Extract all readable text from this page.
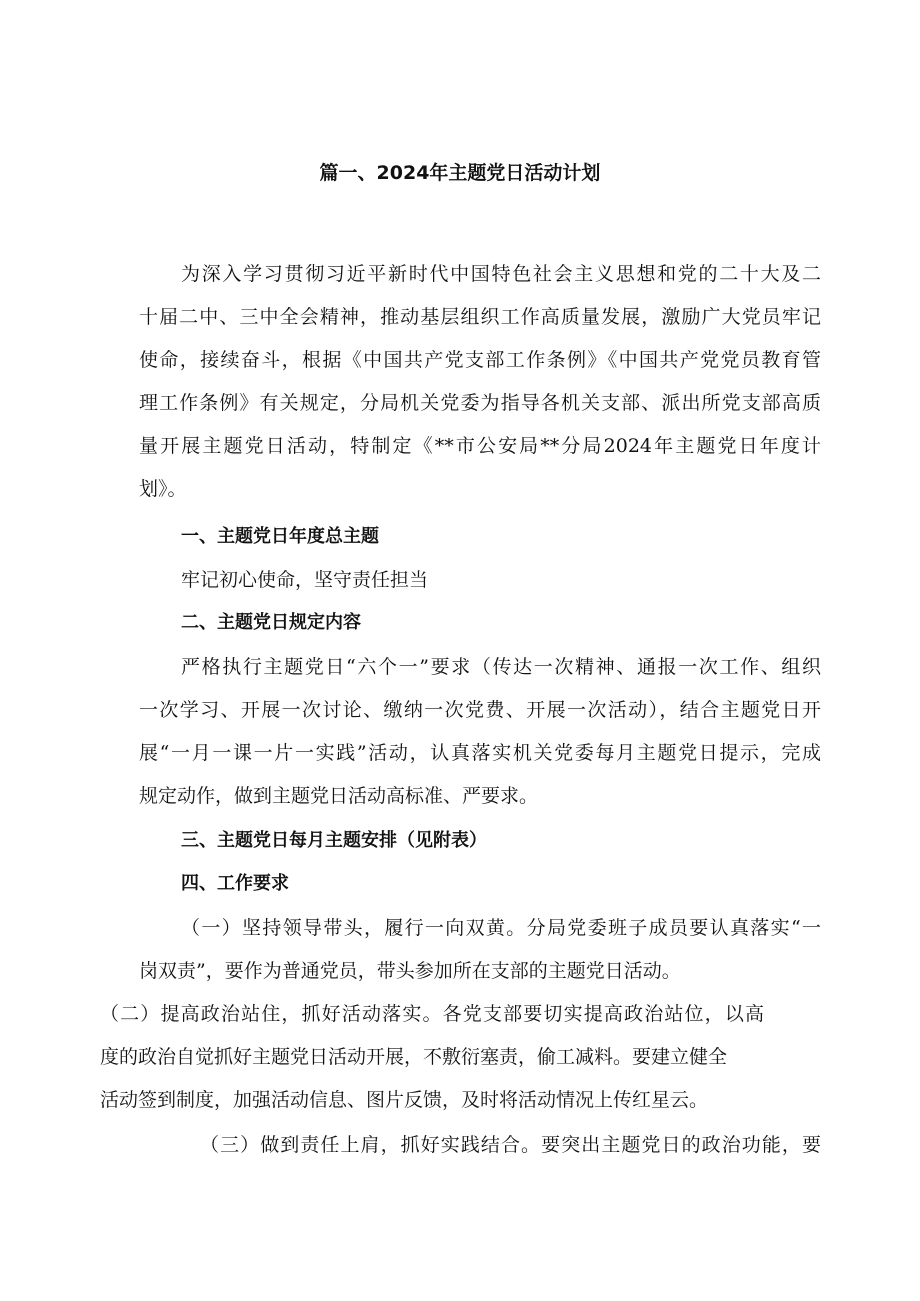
篇一、2024年主题党日活动计划

为深入学习贯彻习近平新时代中国特色社会主义思想和党的二十大及二

十届二中、三中全会精神，推动基层组织工作高质量发展，激励广大党员牢记

使命，接续奋斗，根据《中国共产党支部工作条例》《中国共产党党员教育管

理工作条例》有关规定，分局机关党委为指导各机关支部、派出所党支部高质

量开展主题党日活动，特制定《**市公安局**分局2024年主题党日年度计

划》。

一、主题党日年度总主题

牢记初心使命，坚守责任担当

二、主题党日规定内容

严格执行主题党日“六个一”要求（传达一次精神、通报一次工作、组织

一次学习、开展一次讨论、缴纳一次党费、开展一次活动），结合主题党日开

展“一月一课一片一实践”活动，认真落实机关党委每月主题党日提示，完成

规定动作，做到主题党日活动高标准、严要求。

三、主题党日每月主题安排（见附表）
四、工作要求

（一）坚持领导带头，履行一向双黄。分局党委班子成员要认真落实“一

岗双责”，要作为普通党员，带头参加所在支部的主题党日活动。

（二）提高政治站住，抓好活动落实。各党支部要切实提高政治站位，以高

度的政治自觉抓好主题党日活动开展，不敷衍塞责，偷工减料。要建立健全

活动签到制度，加强活动信息、图片反馈，及时将活动情况上传红星云。

（三）做到责任上肩，抓好实践结合。要突出主题党日的政治功能，要
